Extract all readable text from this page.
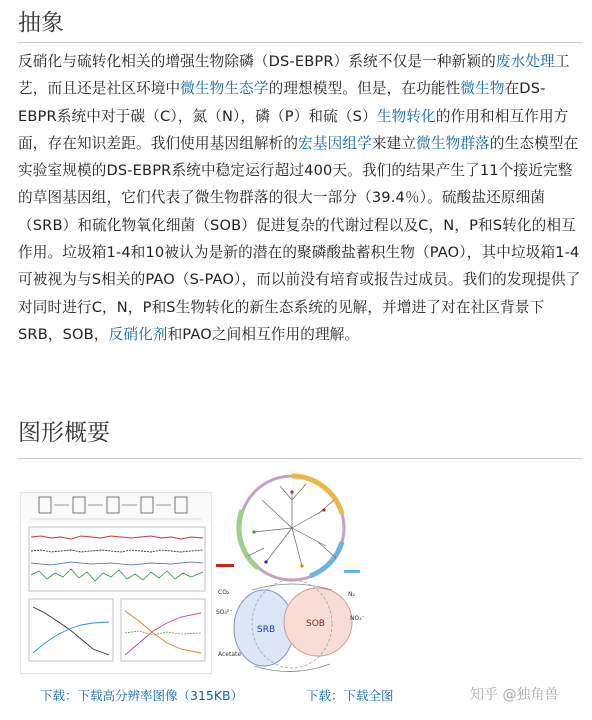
抽象

反硝化与硫转化相关的增强生物除磷（DS-EBPR）系统不仅是一种新颖的废水处理工艺，而且还是社区环境中微生物生态学的理想模型。但是，在功能性微生物在DS-EBPR系统中对于碳（C），氮（N），磷（P）和硫（S）生物转化的作用和相互作用方面，存在知识差距。我们使用基因组解析的宏基因组学来建立微生物群落的生态模型在实验室规模的DS-EBPR系统中稳定运行超过400天。我们的结果产生了11个接近完整的草图基因组，它们代表了微生物群落的很大一部分（39.4％）。硫酸盐还原细菌（SRB）和硫化物氧化细菌（SOB）促进复杂的代谢过程以及C，N，P和S转化的相互作用。垃圾箱1-4和10被认为是新的潜在的聚磷酸盐蓄积生物（PAO），其中垃圾箱1-4可被视为与S相关的PAO（S-PAO），而以前没有培育或报告过成员。我们的发现提供了对同时进行C，N，P和S生物转化的新生态系统的见解，并增进了对在社区背景下SRB，SOB，反硝化剂和PAO之间相互作用的理解。

图形概要
SRB
SOB
CO₂
SO₄²⁻
NO₃⁻
Acetate
N₂
下载：下载高分辨率图像（315KB）	下载：下载全图	知乎 @独角兽
